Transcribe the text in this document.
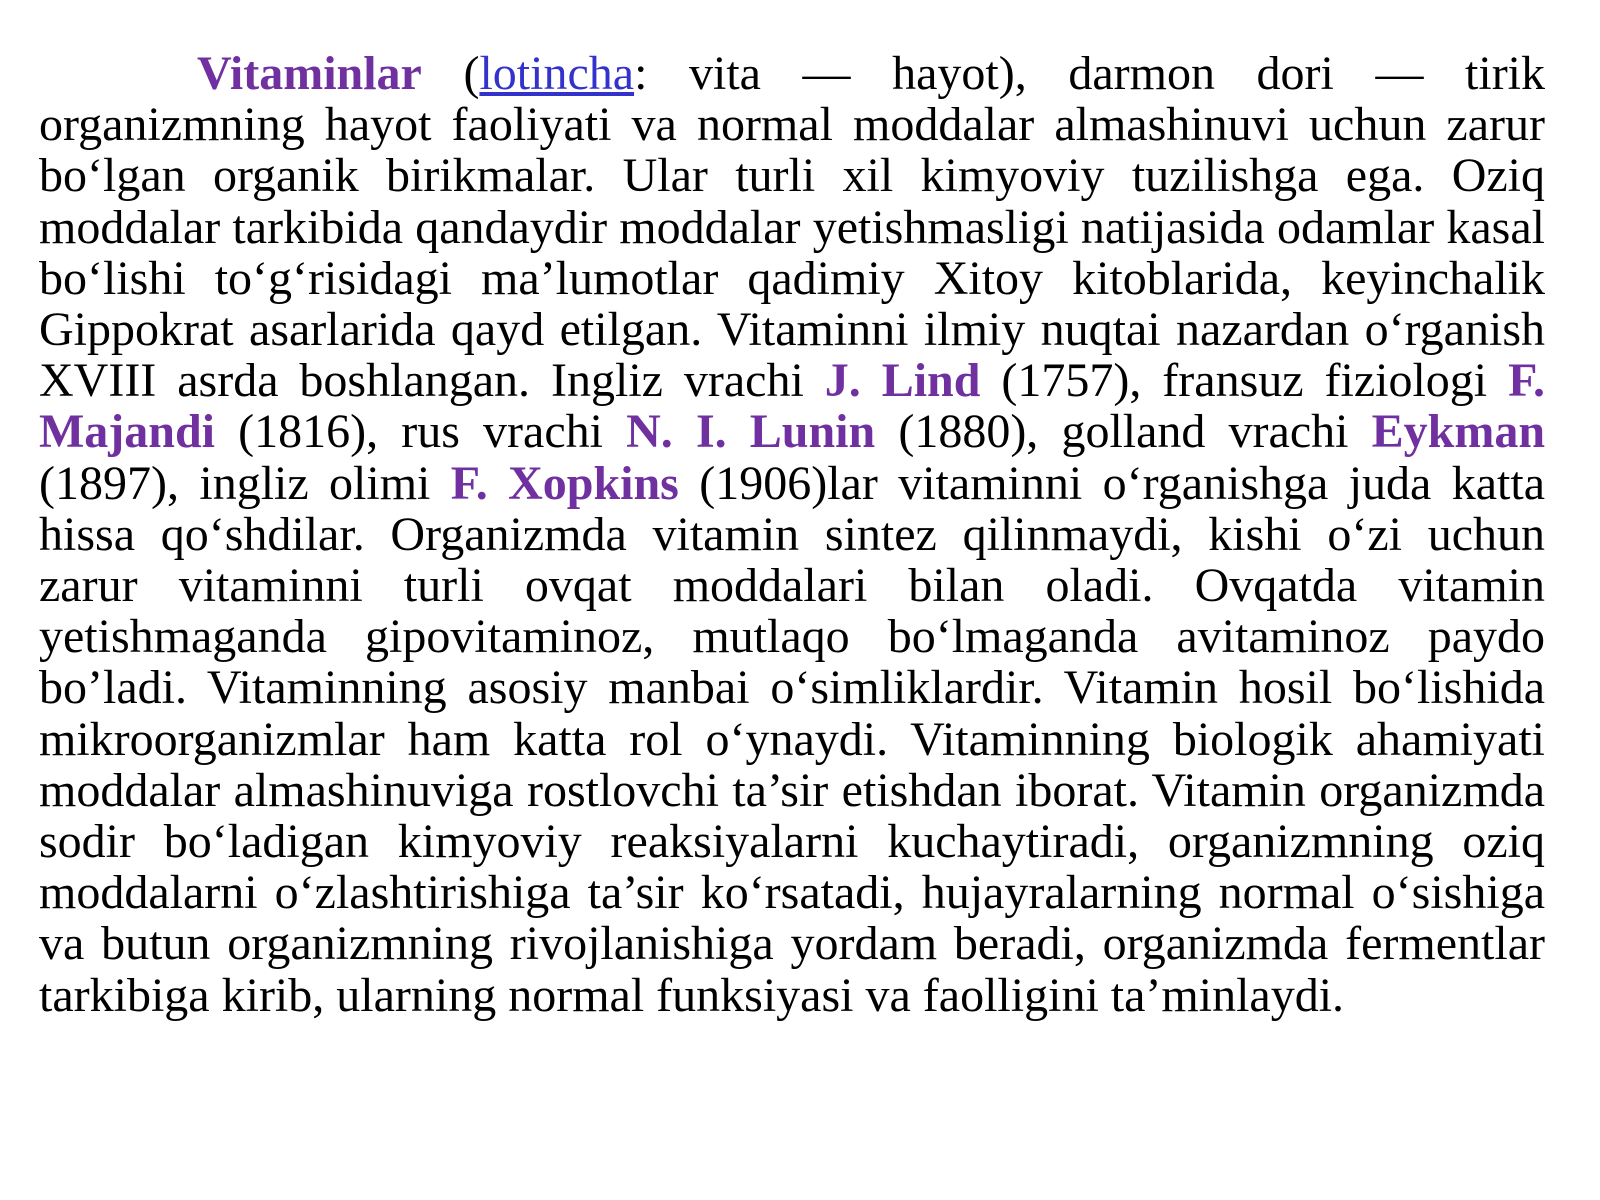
Vitaminlar (lotincha: vita — hayot), darmon dori — tirik organizmning hayot faoliyati va normal moddalar almashinuvi uchun zarur bo‘lgan organik birikmalar. Ular turli xil kimyoviy tuzilishga ega. Oziq moddalar tarkibida qandaydir moddalar yetishmasligi natijasida odamlar kasal bo‘lishi to‘g‘risidagi ma’lumotlar qadimiy Xitoy kitoblarida, keyinchalik Gippokrat asarlarida qayd etilgan. Vitaminni ilmiy nuqtai nazardan o‘rganish XVIII asrda boshlangan. Ingliz vrachi J. Lind (1757), fransuz fiziologi F. Majandi (1816), rus vrachi N. I. Lunin (1880), golland vrachi Eykman (1897), ingliz olimi F. Xopkins (1906)lar vitaminni o‘rganishga juda katta hissa qo‘shdilar. Organizmda vitamin sintez qilinmaydi, kishi o‘zi uchun zarur vitaminni turli ovqat moddalari bilan oladi. Ovqatda vitamin yetishmaganda gipovitaminoz, mutlaqo bo‘lmaganda avitaminoz paydo bo’ladi. Vitaminning asosiy manbai o‘simliklardir. Vitamin hosil bo‘lishida mikroorganizmlar ham katta rol o‘ynaydi. Vitaminning biologik ahamiyati moddalar almashinuviga rostlovchi ta’sir etishdan iborat. Vitamin organizmda sodir bo‘ladigan kimyoviy reaksiyalarni kuchaytiradi, organizmning oziq moddalarni o‘zlashtirishiga ta’sir ko‘rsatadi, hujayralarning normal o‘sishiga va butun organizmning rivojlanishiga yordam beradi, organizmda fermentlar tarkibiga kirib, ularning normal funksiyasi va faolligini ta’minlaydi.
